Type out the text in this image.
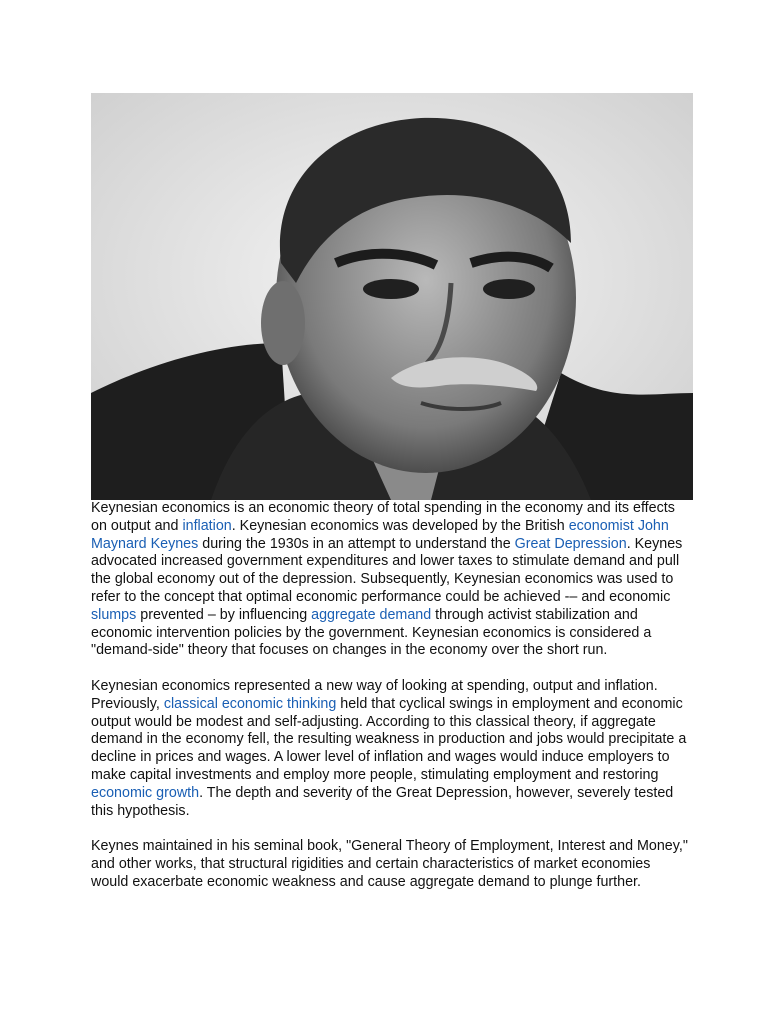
Keynesian economics is an economic theory of total spending in the economy and its effects on output and inflation. Keynesian economics was developed by the British economist John Maynard Keynes during the 1930s in an attempt to understand the Great Depression. Keynes advocated increased government expenditures and lower taxes to stimulate demand and pull the global economy out of the depression. Subsequently, Keynesian economics was used to refer to the concept that optimal economic performance could be achieved -– and economic slumps prevented – by influencing aggregate demand through activist stabilization and economic intervention policies by the government. Keynesian economics is considered a "demand-side" theory that focuses on changes in the economy over the short run.

Keynesian economics represented a new way of looking at spending, output and inflation. Previously, classical economic thinking held that cyclical swings in employment and economic output would be modest and self-adjusting. According to this classical theory, if aggregate demand in the economy fell, the resulting weakness in production and jobs would precipitate a decline in prices and wages. A lower level of inflation and wages would induce employers to make capital investments and employ more people, stimulating employment and restoring economic growth. The depth and severity of the Great Depression, however, severely tested this hypothesis.

Keynes maintained in his seminal book, "General Theory of Employment, Interest and Money," and other works, that structural rigidities and certain characteristics of market economies would exacerbate economic weakness and cause aggregate demand to plunge further.
